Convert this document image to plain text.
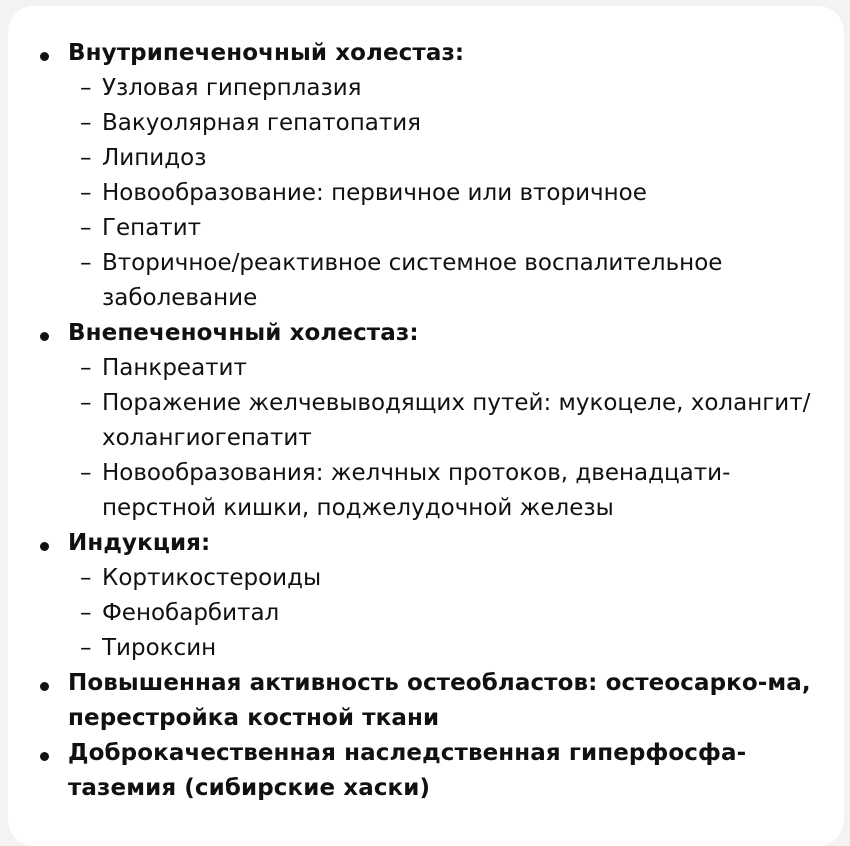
Внутрипеченочный холестаз:
– Узловая гиперплазия
– Вакуолярная гепатопатия
– Липидоз
– Новообразование: первичное или вторичное
– Гепатит
– Вторичное/реактивное системное воспалительное заболевание
Внепеченочный холестаз:
– Панкреатит
– Поражение желчевыводящих путей: мукоцеле, холангит/холангиогепатит
– Новообразования: желчных протоков, двенадцати-перстной кишки, поджелудочной железы
Индукция:
– Кортикостероиды
– Фенобарбитал
– Тироксин
Повышенная активность остеобластов: остеосарко-ма, перестройка костной ткани
Доброкачественная наследственная гиперфосфа-таземия (сибирские хаски)
